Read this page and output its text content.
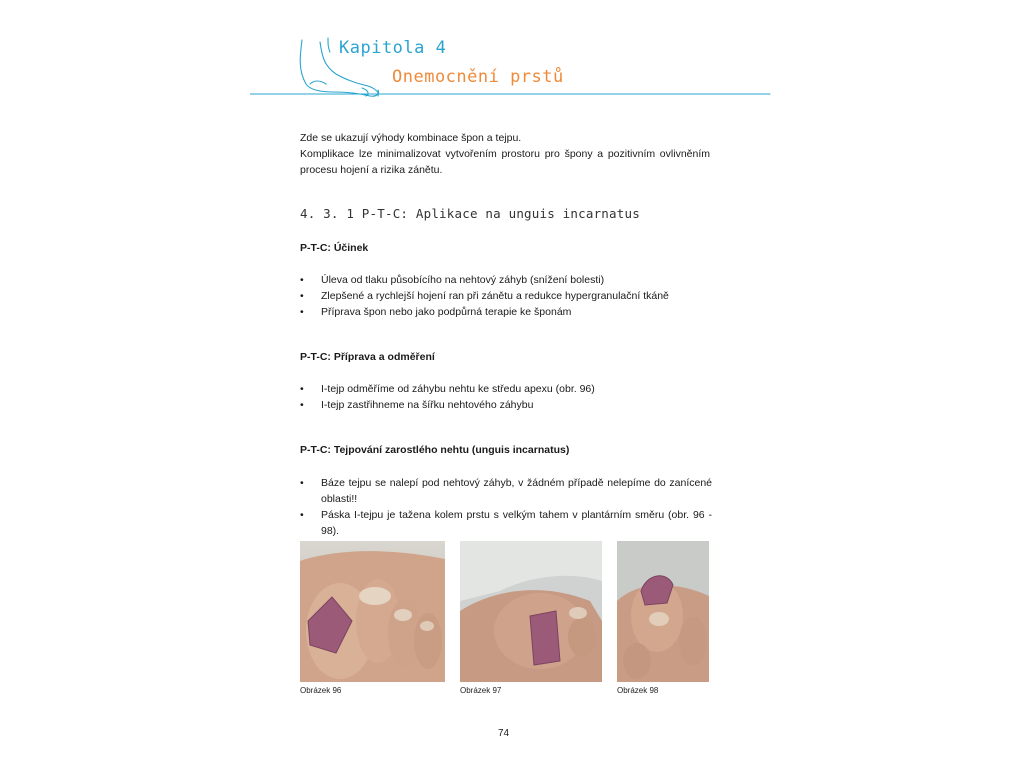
Kapitola 4
Onemocnění prstů

Zde se ukazují výhody kombinace špon a tejpu.

Komplikace lze minimalizovat vytvořením prostoru pro špony a pozitivním ovlivněním procesu hojení a rizika zánětu.

4. 3. 1 P-T-C: Aplikace na unguis incarnatus
P-T-C: Účinek
• Úleva od tlaku působícího na nehtový záhyb (snížení bolesti)
• Zlepšené a rychlejší hojení ran při zánětu a redukce hypergranulační tkáně
• Příprava špon nebo jako podpůrná terapie ke šponám
P-T-C: Příprava a odměření
• I-tejp odměříme od záhybu nehtu ke středu apexu (obr. 96)
• I-tejp zastřihneme na šířku nehtového záhybu
P-T-C: Tejpování zarostlého nehtu (unguis incarnatus)
• Báze tejpu se nalepí pod nehtový záhyb, v žádném případě nelepíme do zanícené oblasti!!
• Páska I-tejpu je tažena kolem prstu s velkým tahem v plantárním směru (obr. 96 - 98).
Obrázek 96	Obrázek 97	Obrázek 98
74
